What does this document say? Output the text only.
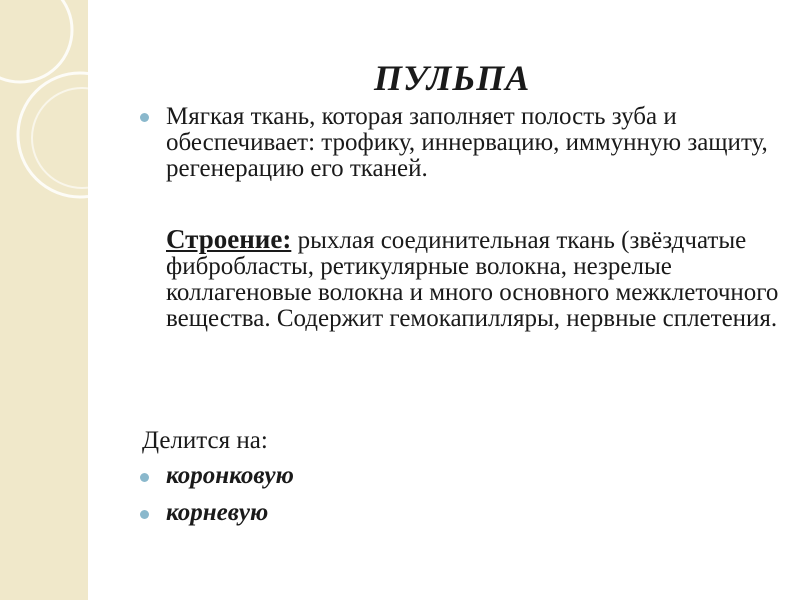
ПУЛЬПА

Мягкая ткань, которая заполняет полость зуба и обеспечивает: трофику, иннервацию, иммунную защиту, регенерацию его тканей.

Строение: рыхлая соединительная ткань (звёздчатые фибробласты, ретикулярные волокна, незрелые коллагеновые волокна и много основного межклеточного вещества. Содержит гемокапилляры, нервные сплетения.

Делится на:

коронковую
корневую
